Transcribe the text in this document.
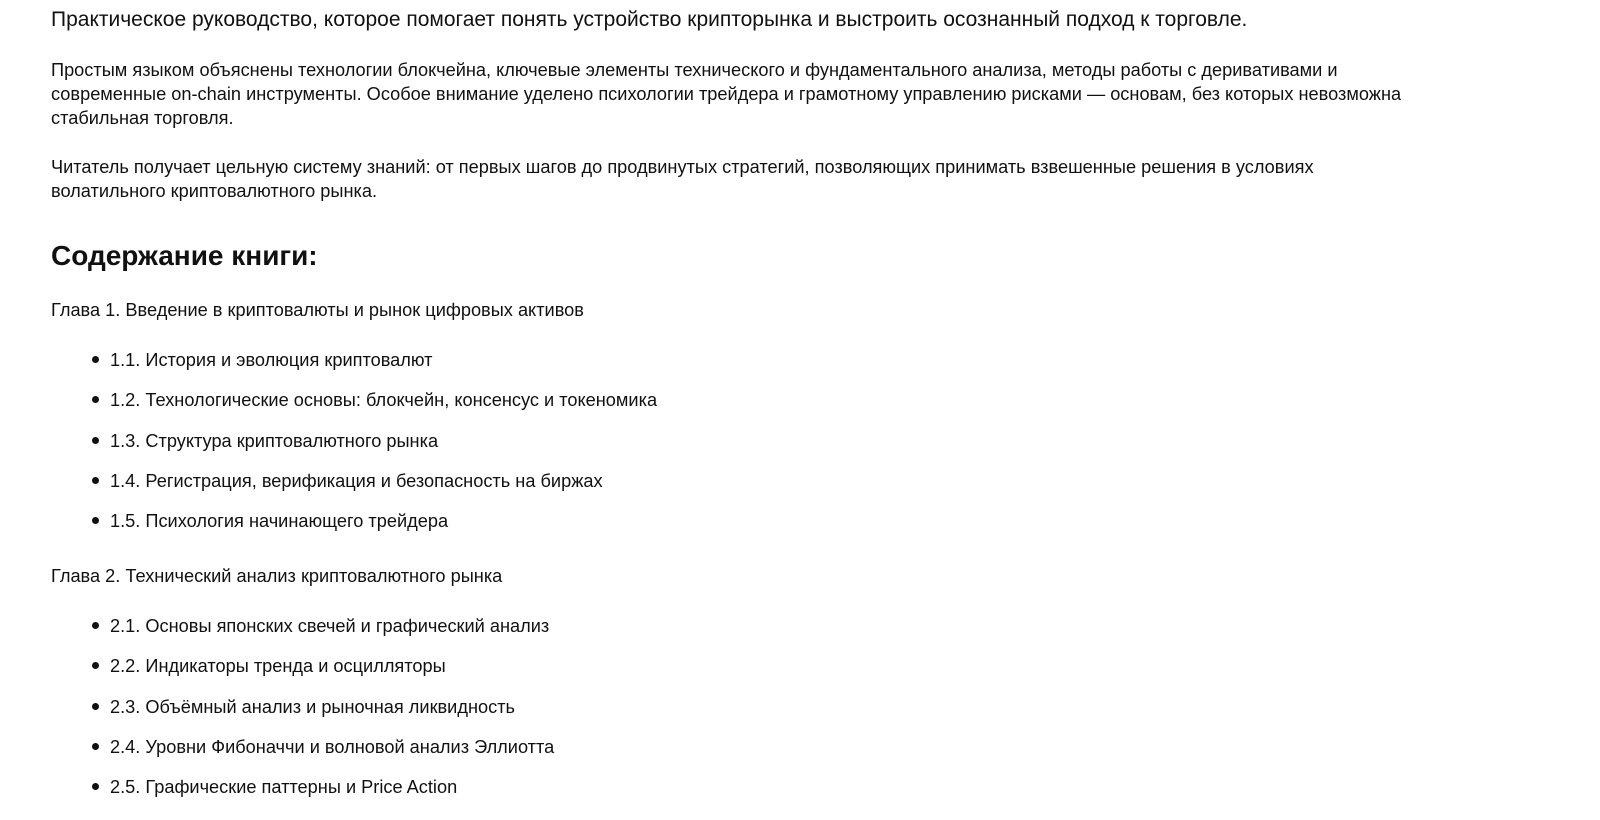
Практическое руководство, которое помогает понять устройство крипторынка и выстроить осознанный подход к торговле.

Простым языком объяснены технологии блокчейна, ключевые элементы технического и фундаментального анализа, методы работы с деривативами и

современные on-chain инструменты. Особое внимание уделено психологии трейдера и грамотному управлению рисками — основам, без которых невозможна

стабильная торговля.

Читатель получает цельную систему знаний: от первых шагов до продвинутых стратегий, позволяющих принимать взвешенные решения в условиях

волатильного криптовалютного рынка.

Содержание книги:

Глава 1. Введение в криптовалюты и рынок цифровых активов

1.1. История и эволюция криптовалют
1.2. Технологические основы: блокчейн, консенсус и токеномика
1.3. Структура криптовалютного рынка
1.4. Регистрация, верификация и безопасность на биржах
1.5. Психология начинающего трейдера

Глава 2. Технический анализ криптовалютного рынка

2.1. Основы японских свечей и графический анализ
2.2. Индикаторы тренда и осцилляторы
2.3. Объёмный анализ и рыночная ликвидность
2.4. Уровни Фибоначчи и волновой анализ Эллиотта
2.5. Графические паттерны и Price Action
